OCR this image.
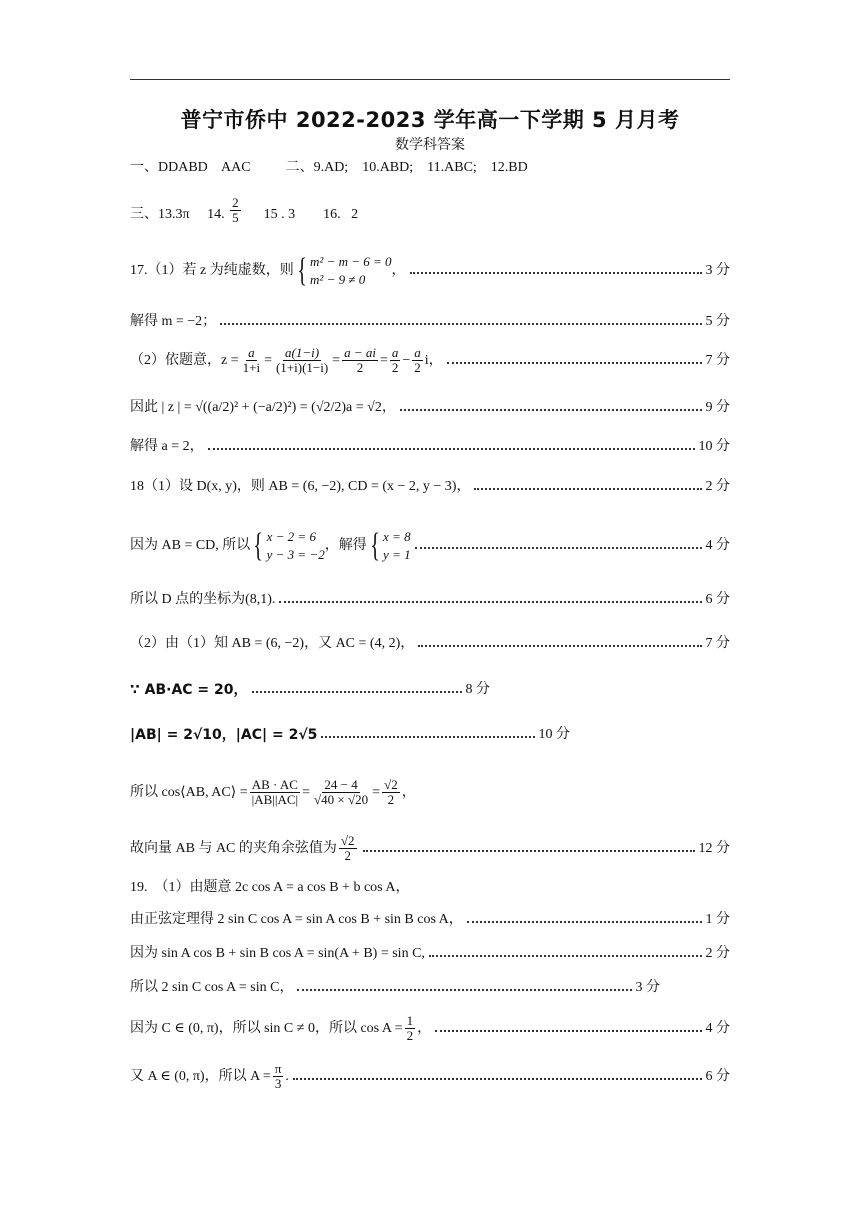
普宁市侨中 2022-2023 学年高一下学期 5 月月考
数学科答案
一、DDABD    AAC	二、9.AD;    10.ABD;    11.ABC;    12.BD
三、13.3π     14. $\frac{2}{5} 15$ . 3        16.   2
17.（1）若 z 为纯虚数，则 { m² − m − 6 = 0
m² − 9 ≠ 0
，	3 分
解得 m = −2；	5 分
（2）依题意，$z = \frac{a}{1+i} = \frac{a(1-i)}{(1+i)(1-i)} = \frac{a - ai}{2} = \frac{a}{2} - \frac{a}{2}$ i，	7 分
因此 | z | = √((a/2)² + (−a/2)²) = (√2/2)a = √2，	9 分
解得 a = 2，	10 分
18（1）设 D(x, y)，则 AB = (6, −2), CD = (x − 2, y − 3)，	2 分
因为 AB = CD, 所以 { x − 2 = 6
y − 3 = −2
，解得 { x = 8
y = 1
4 分
所以 D 点的坐标为(8,1).	6 分
（2）由（1）知 AB = (6, −2)，又 AC = (4, 2)，	7 分
∵ AB·AC = 20，	8 分
|AB| = 2√10，|AC| = 2√5	10 分
所以 cos⟨AB, AC⟩ = $\frac{AB \cdot AC}{|AB||AC|} = \frac{24 - 4}{√40 \times √20} = \frac{√2}{2}$ ，
故向量 AB 与 AC 的夹角余弦值为 $\frac{√2}{2}$	12 分
19.  （1）由题意 2c cos A = a cos B + b cos A，
由正弦定理得 2 sin C cos A = sin A cos B + sin B cos A，	1 分
因为 sin A cos B + sin B cos A = sin(A + B) = sin C,	2 分
所以 2 sin C cos A = sin C，	3 分
因为 C ∈ (0, π)，所以 sin C ≠ 0，所以 $\cos A = \frac{1}{2}$ ，	4 分
又 A ∈ (0, π)，所以 $A = \frac{\pi}{3}$ .	6 分
